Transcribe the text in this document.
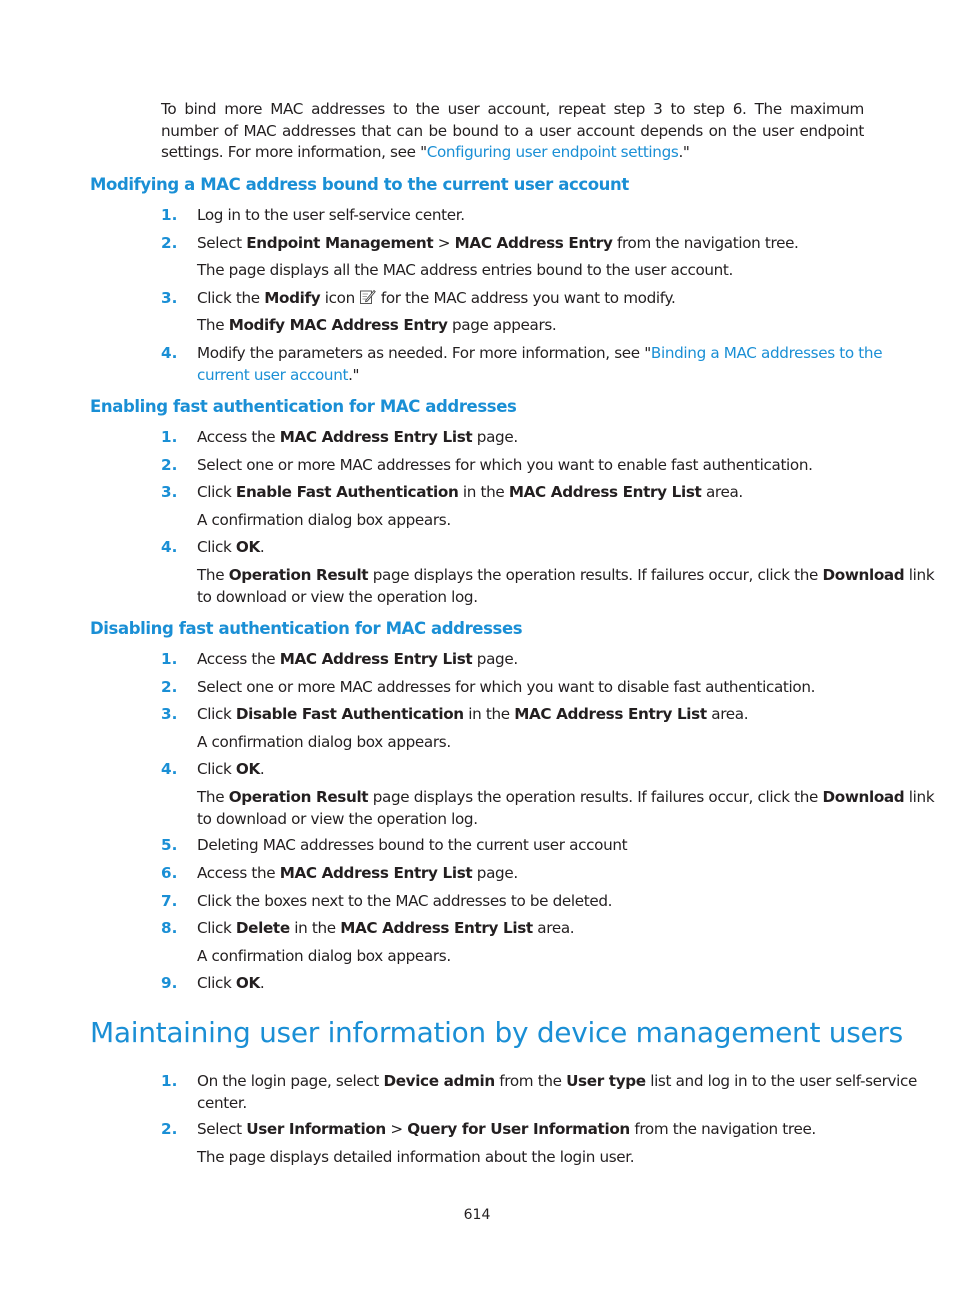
To bind more MAC addresses to the user account, repeat step 3 to step 6. The maximum number of MAC addresses that can be bound to a user account depends on the user endpoint settings. For more information, see "Configuring user endpoint settings."
Modifying a MAC address bound to the current user account
1. Log in to the user self-service center.
2. Select Endpoint Management > MAC Address Entry from the navigation tree.
The page displays all the MAC address entries bound to the user account.
3. Click the Modify icon  for the MAC address you want to modify.
The Modify MAC Address Entry page appears.
4. Modify the parameters as needed. For more information, see "Binding a MAC addresses to the
current user account."
Enabling fast authentication for MAC addresses
1. Access the MAC Address Entry List page.
2. Select one or more MAC addresses for which you want to enable fast authentication.
3. Click Enable Fast Authentication in the MAC Address Entry List area.
A confirmation dialog box appears.
4. Click OK.
The Operation Result page displays the operation results. If failures occur, click the Download link
to download or view the operation log.
Disabling fast authentication for MAC addresses
1. Access the MAC Address Entry List page.
2. Select one or more MAC addresses for which you want to disable fast authentication.
3. Click Disable Fast Authentication in the MAC Address Entry List area.
A confirmation dialog box appears.
4. Click OK.
The Operation Result page displays the operation results. If failures occur, click the Download link
to download or view the operation log.
5. Deleting MAC addresses bound to the current user account
6. Access the MAC Address Entry List page.
7. Click the boxes next to the MAC addresses to be deleted.
8. Click Delete in the MAC Address Entry List area.
A confirmation dialog box appears.
9. Click OK.
Maintaining user information by device management users
1. On the login page, select Device admin from the User type list and log in to the user self-service
center.
2. Select User Information > Query for User Information from the navigation tree.
The page displays detailed information about the login user.
614
